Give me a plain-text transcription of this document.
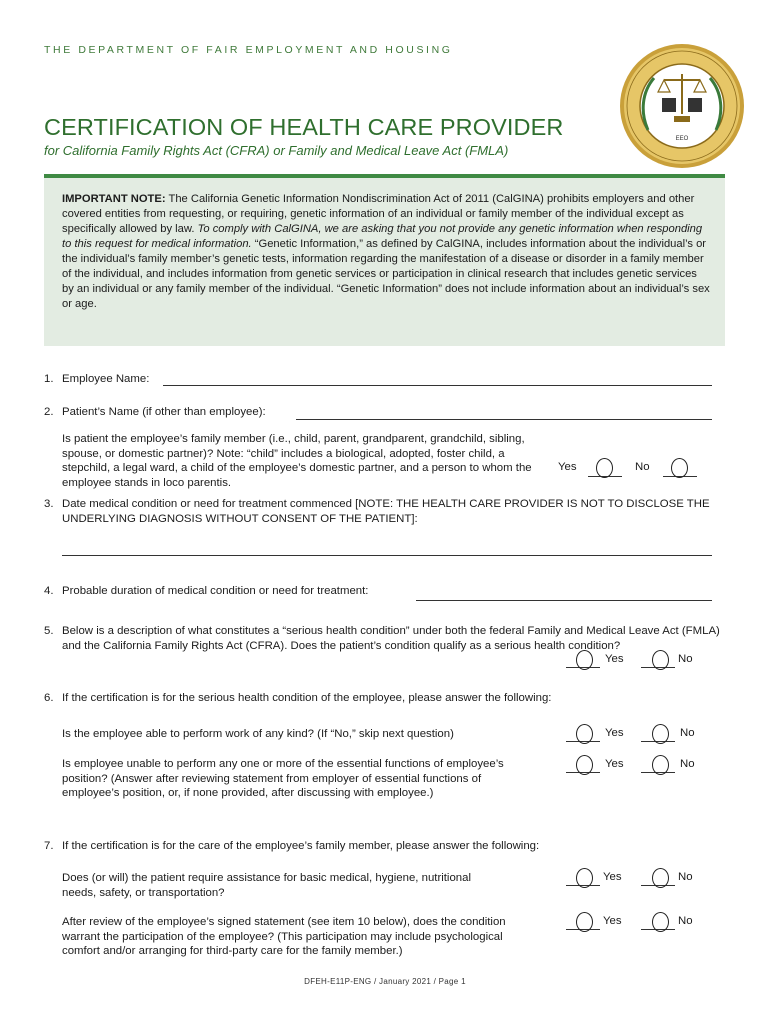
THE DEPARTMENT OF FAIR EMPLOYMENT AND HOUSING
EEO
CERTIFICATION OF HEALTH CARE PROVIDER
for California Family Rights Act (CFRA) or Family and Medical Leave Act (FMLA)
IMPORTANT NOTE: The California Genetic Information Nondiscrimination Act of 2011 (CalGINA) prohibits employers and other covered entities from requesting, or requiring, genetic information of an individual or family member of the individual except as specifically allowed by law. To comply with CalGINA, we are asking that you not provide any genetic information when responding to this request for medical information. “Genetic Information,” as defined by CalGINA, includes information about the individual’s or the individual’s family member’s genetic tests, information regarding the manifestation of a disease or disorder in a family member of the individual, and includes information from genetic services or participation in clinical research that includes genetic services by an individual or any family member of the individual. “Genetic Information” does not include information about an individual’s sex or age.
1. Employee Name:
2. Patient’s Name (if other than employee):
Is patient the employee’s family member (i.e., child, parent, grandparent, grandchild, sibling, spouse, or domestic partner)? Note: “child” includes a biological, adopted, foster child, a stepchild, a legal ward, a child of the employee’s domestic partner, and a person to whom the employee stands in loco parentis.
Yes	No
3. Date medical condition or need for treatment commenced [NOTE: THE HEALTH CARE PROVIDER IS NOT TO DISCLOSE THE UNDERLYING DIAGNOSIS WITHOUT CONSENT OF THE PATIENT]:
4. Probable duration of medical condition or need for treatment:
5. Below is a description of what constitutes a “serious health condition” under both the federal Family and Medical Leave Act (FMLA) and the California Family Rights Act (CFRA). Does the patient’s condition qualify as a serious health condition?
Yes	No
6. If the certification is for the serious health condition of the employee, please answer the following:
Is the employee able to perform work of any kind? (If “No,” skip next question)	Yes	No
Is employee unable to perform any one or more of the essential functions of employee’s position? (Answer after reviewing statement from employer of essential functions of employee’s position, or, if none provided, after discussing with employee.)
Yes	No
7. If the certification is for the care of the employee’s family member, please answer the following:
Does (or will) the patient require assistance for basic medical, hygiene, nutritional needs, safety, or transportation?
Yes	No
After review of the employee’s signed statement (see item 10 below), does the condition warrant the participation of the employee? (This participation may include psychological comfort and/or arranging for third-party care for the family member.)
Yes	No
DFEH-E11P-ENG / January 2021 / Page 1
